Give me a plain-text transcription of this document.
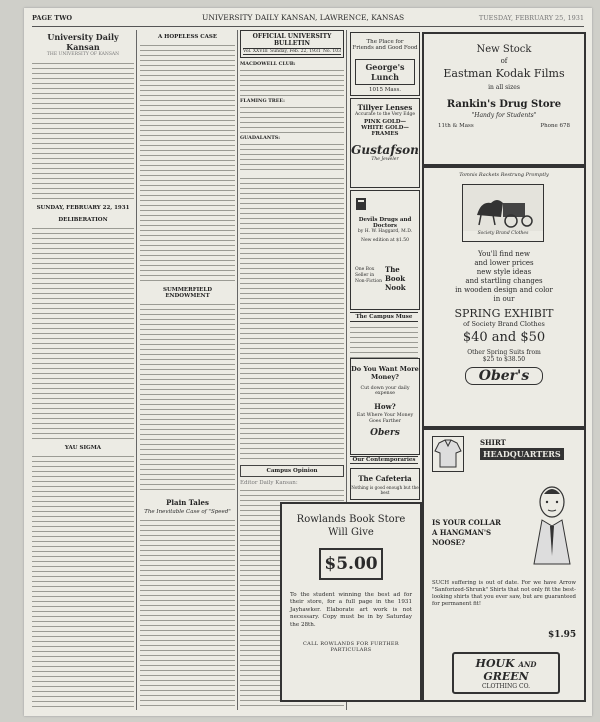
PAGE TWO	UNIVERSITY DAILY KANSAN, LAWRENCE, KANSAS	TUESDAY, FEBRUARY 25, 1931
University Daily Kansan
THE UNIVERSITY OF KANSAN
SUNDAY, FEBRUARY 22, 1931
DELIBERATION
YAU SIGMA
A HOPELESS CASE
SUMMERFIELD ENDOWMENT
Plain Tales
The Inevitable Case of "Speed"
OFFICIAL UNIVERSITY BULLETIN
Vol. XXVIII Sunday, Feb. 22, 1931 No. 103
MACDOWELL CLUB:
FLAMING TREE:
GUADALANTS:
Campus Opinion
Editor Daily Kansan:
The Place for
Friends and Good Food
George's Lunch
1015 Mass.
Tillyer Lenses
Accurate to the Very Edge
PINK GOLD—
WHITE GOLD—
FRAMES
Gustafson
The Jeweler
Devils Drugs and Doctors
by H. W. Haggard, M.D.
New edition at $1.50
One Box Seller in Non-Fiction
The Book Nook
The Campus Muse
Do You Want More Money?
Cut down your daily expense
How?
Eat Where Your Money Goes Farther
Obers
Our Contemporaries
The Cafeteria
Nothing is good enough but the best
New Stock
of
Eastman Kodak Films
in all sizes
Rankin's Drug Store
"Handy for Students"
11th & Mass	Phone 678
Tomnis Rackets Restrung Promptly
Society Brand Clothes
You'll find new
and lower prices
new style ideas
and startling changes
in wooden design and color
in our
SPRING EXHIBIT
of Society Brand Clothes
$40 and $50
Other Spring Suits from
$25 to $38.50
Ober's
SHIRT
HEADQUARTERS
IS YOUR COLLAR
A HANGMAN'S
NOOSE?
SUCH suffering is out of date. For we have Arrow "Sanforized-Shrunk" Shirts that not only fit the best-looking shirts that you ever saw, but are guaranteed for permanent fit!
$1.95
HOUK AND GREEN
CLOTHING CO.
Rowlands Book Store
Will Give
$5.00
To the student winning the best ad for their store, for a full page in the 1931 Jayhawker. Elaborate art work is not necessary. Copy must be in by Saturday the 28th.
CALL ROWLANDS FOR FURTHER PARTICULARS
